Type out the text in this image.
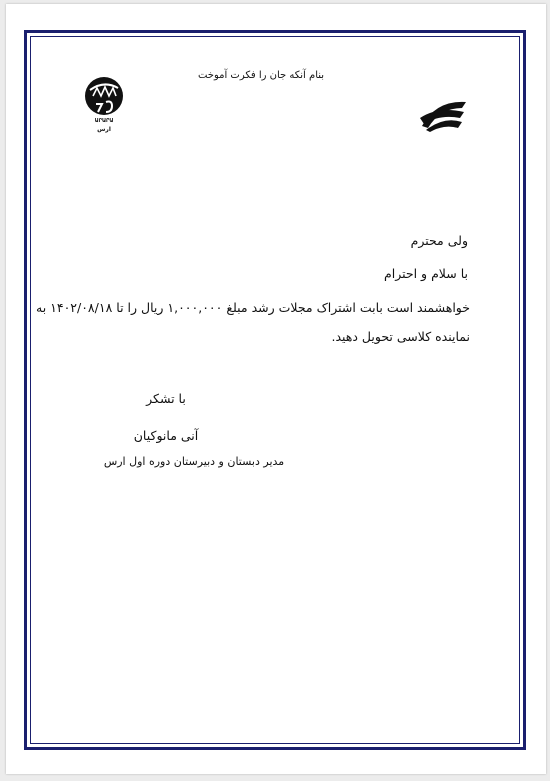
بنام آنکه جان را فکرت آموخت
ԱՐԱՐԱ
ارس
ولی محترم
با سلام و احترام
خواهشمند است بابت اشتراک مجلات رشد مبلغ ۱,۰۰۰,۰۰۰ ریال را تا ۱۴۰۲/۰۸/۱۸ به
نماینده کلاسی تحویل دهید.
با تشکر
آنی مانوکیان
مدیر دبستان و دبیرستان دوره اول ارس
